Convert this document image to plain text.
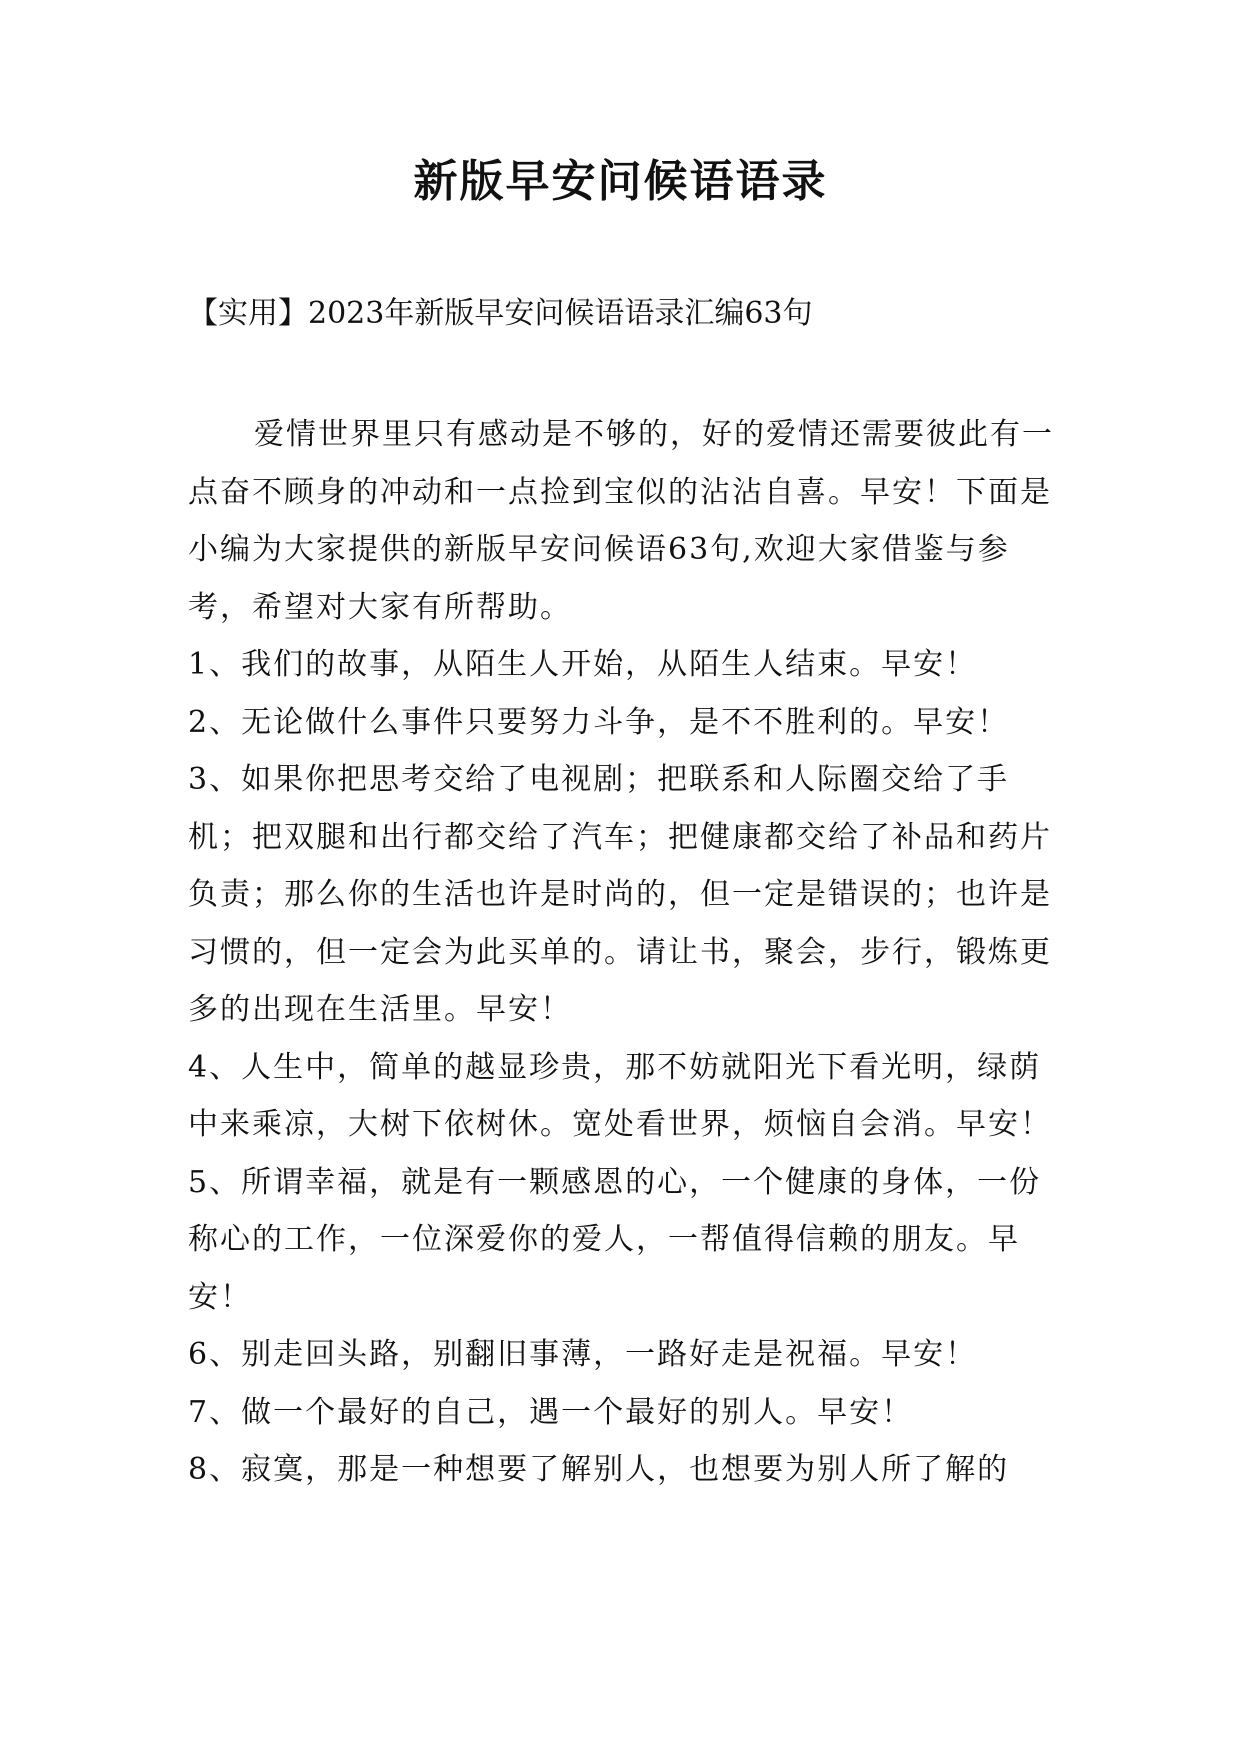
新版早安问候语语录
【实用】2023年新版早安问候语语录汇编63句

爱情世界里只有感动是不够的，好的爱情还需要彼此有一点奋不顾身的冲动和一点捡到宝似的沾沾自喜。早安！下面是小编为大家提供的新版早安问候语63句,欢迎大家借鉴与参考，希望对大家有所帮助。

1、我们的故事，从陌生人开始，从陌生人结束。早安！

2、无论做什么事件只要努力斗争，是不不胜利的。早安！

3、如果你把思考交给了电视剧；把联系和人际圈交给了手机；把双腿和出行都交给了汽车；把健康都交给了补品和药片负责；那么你的生活也许是时尚的，但一定是错误的；也许是习惯的，但一定会为此买单的。请让书，聚会，步行，锻炼更多的出现在生活里。早安！

4、人生中，简单的越显珍贵，那不妨就阳光下看光明，绿荫中来乘凉，大树下依树休。宽处看世界，烦恼自会消。早安！

5、所谓幸福，就是有一颗感恩的心，一个健康的身体，一份称心的工作，一位深爱你的爱人，一帮值得信赖的朋友。早安！

6、别走回头路，别翻旧事薄，一路好走是祝福。早安！

7、做一个最好的自己，遇一个最好的别人。早安！

8、寂寞，那是一种想要了解别人，也想要为别人所了解的
